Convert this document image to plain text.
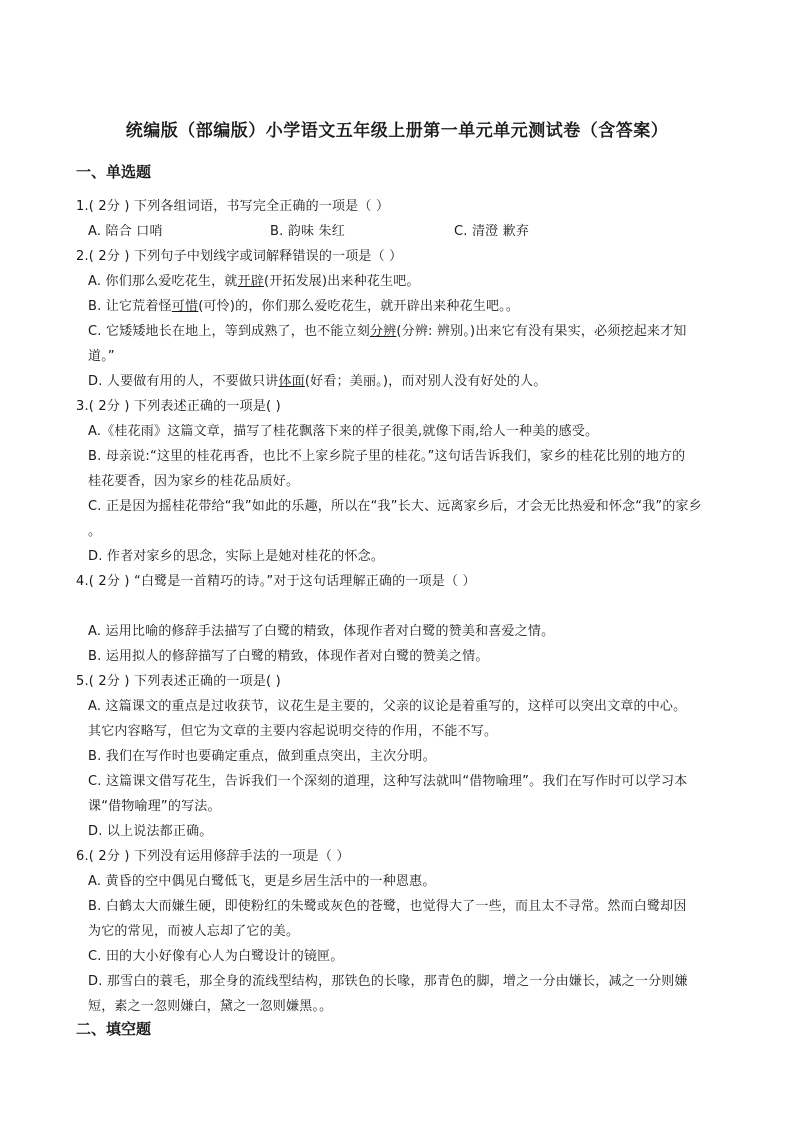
统编版（部编版）小学语文五年级上册第一单元单元测试卷（含答案）
一、单选题
1.( 2分 ) 下列各组词语，书写完全正确的一项是（ ）
A. 陪合 口哨	B. 韵味 朱红	C. 清澄 歉弃
2.( 2分 ) 下列句子中划线字或词解释错误的一项是（ ）
A. 你们那么爱吃花生，就开辟(开拓发展)出来种花生吧。
B. 让它荒着怪可惜(可怜)的，你们那么爱吃花生，就开辟出来种花生吧。。
C. 它矮矮地长在地上，等到成熟了，也不能立刻分辨(分辨: 辨别。)出来它有没有果实，必须挖起来才知
道。”
D. 人要做有用的人，不要做只讲体面(好看；美丽。)，而对别人没有好处的人。
3.( 2分 ) 下列表述正确的一项是( )
A.《桂花雨》这篇文章，描写了桂花飘落下来的样子很美,就像下雨,给人一种美的感受。
B. 母亲说:“这里的桂花再香，也比不上家乡院子里的桂花。”这句话告诉我们，家乡的桂花比别的地方的
桂花要香，因为家乡的桂花品质好。
C. 正是因为摇桂花带给“我”如此的乐趣，所以在“我”长大、远离家乡后，才会无比热爱和怀念“我”的家乡
。
D. 作者对家乡的思念，实际上是她对桂花的怀念。
4.( 2分 ) “白鹭是一首精巧的诗。”对于这句话理解正确的一项是（ ）
A. 运用比喻的修辞手法描写了白鹭的精致，体现作者对白鹭的赞美和喜爱之情。
B. 运用拟人的修辞描写了白鹭的精致，体现作者对白鹭的赞美之情。
5.( 2分 ) 下列表述正确的一项是( )
A. 这篇课文的重点是过收获节，议花生是主要的，父亲的议论是着重写的，这样可以突出文章的中心。
其它内容略写，但它为文章的主要内容起说明交待的作用，不能不写。
B. 我们在写作时也要确定重点，做到重点突出，主次分明。
C. 这篇课文借写花生，告诉我们一个深刻的道理，这种写法就叫“借物喻理”。我们在写作时可以学习本
课“借物喻理”的写法。
D. 以上说法都正确。
6.( 2分 ) 下列没有运用修辞手法的一项是（ ）
A. 黄昏的空中偶见白鹭低飞，更是乡居生活中的一种恩惠。
B. 白鹤太大而嫌生硬，即使粉红的朱鹭或灰色的苍鹭，也觉得大了一些，而且太不寻常。然而白鹭却因
为它的常见，而被人忘却了它的美。
C. 田的大小好像有心人为白鹭设计的镜匣。
D. 那雪白的蓑毛，那全身的流线型结构，那铁色的长喙，那青色的脚，增之一分由嫌长，减之一分则嫌
短，素之一忽则嫌白，黛之一忽则嫌黑。。
二、填空题
